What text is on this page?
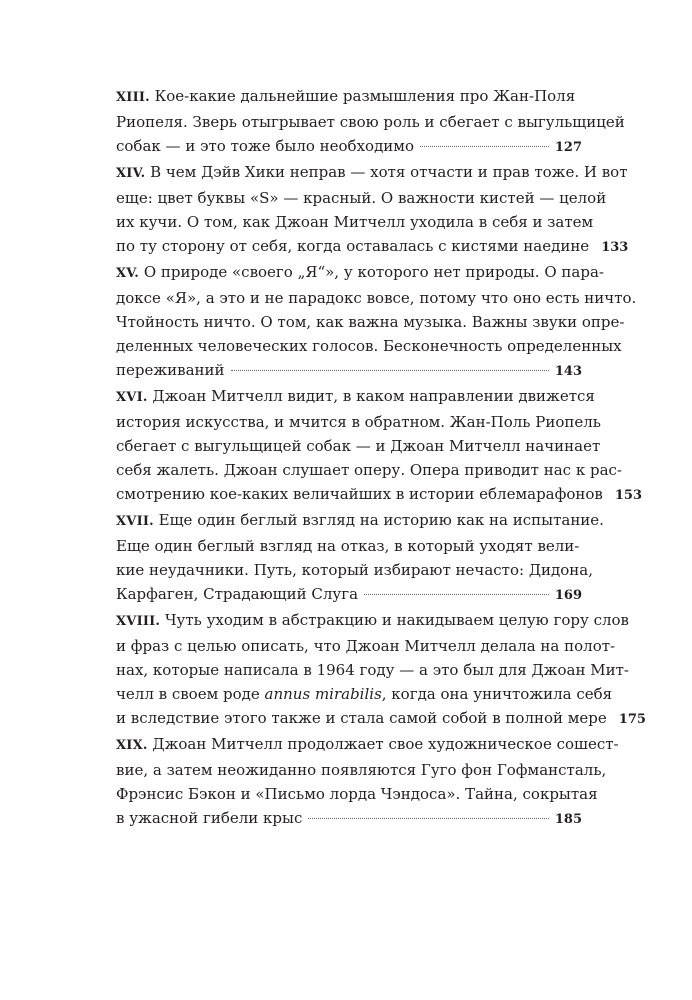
XIII. Кое-какие дальнейшие размышления про Жан-Поля
Риопеля. Зверь отыгрывает свою роль и сбегает с выгульщицей
собак — и это тоже было необходимо	127
XIV. В чем Дэйв Хики неправ — хотя отчасти и прав тоже. И вот
еще: цвет буквы «S» — красный. О важности кистей — целой
их кучи. О том, как Джоан Митчелл уходила в себя и затем
по ту сторону от себя, когда оставалась с кистями наедине 133
XV. О природе «своего „Я“», у которого нет природы. О пара-
доксе «Я», а это и не парадокс вовсе, потому что оно есть ничто.
Чтойность ничто. О том, как важна музыка. Важны звуки опре-
деленных человеческих голосов. Бесконечность определенных
переживаний	143
XVI. Джоан Митчелл видит, в каком направлении движется
история искусства, и мчится в обратном. Жан-Поль Риопель
сбегает с выгульщицей собак — и Джоан Митчелл начинает
себя жалеть. Джоан слушает оперу. Опера приводит нас к рас-
смотрению кое-каких величайших в истории еблемарафонов 153
XVII. Еще один беглый взгляд на историю как на испытание.
Еще один беглый взгляд на отказ, в который уходят вели-
кие неудачники. Путь, который избирают нечасто: Дидона,
Карфаген, Страдающий Слуга	169
XVIII. Чуть уходим в абстракцию и накидываем целую гору слов
и фраз с целью описать, что Джоан Митчелл делала на полот-
нах, которые написала в 1964 году — а это был для Джоан Мит-
челл в своем роде annus mirabilis, когда она уничтожила себя
и вследствие этого также и стала самой собой в полной мере 175
XIX. Джоан Митчелл продолжает свое художническое сошест-
вие, а затем неожиданно появляются Гуго фон Гофмансталь,
Фрэнсис Бэкон и «Письмо лорда Чэндоса». Тайна, сокрытая
в ужасной гибели крыс	185
